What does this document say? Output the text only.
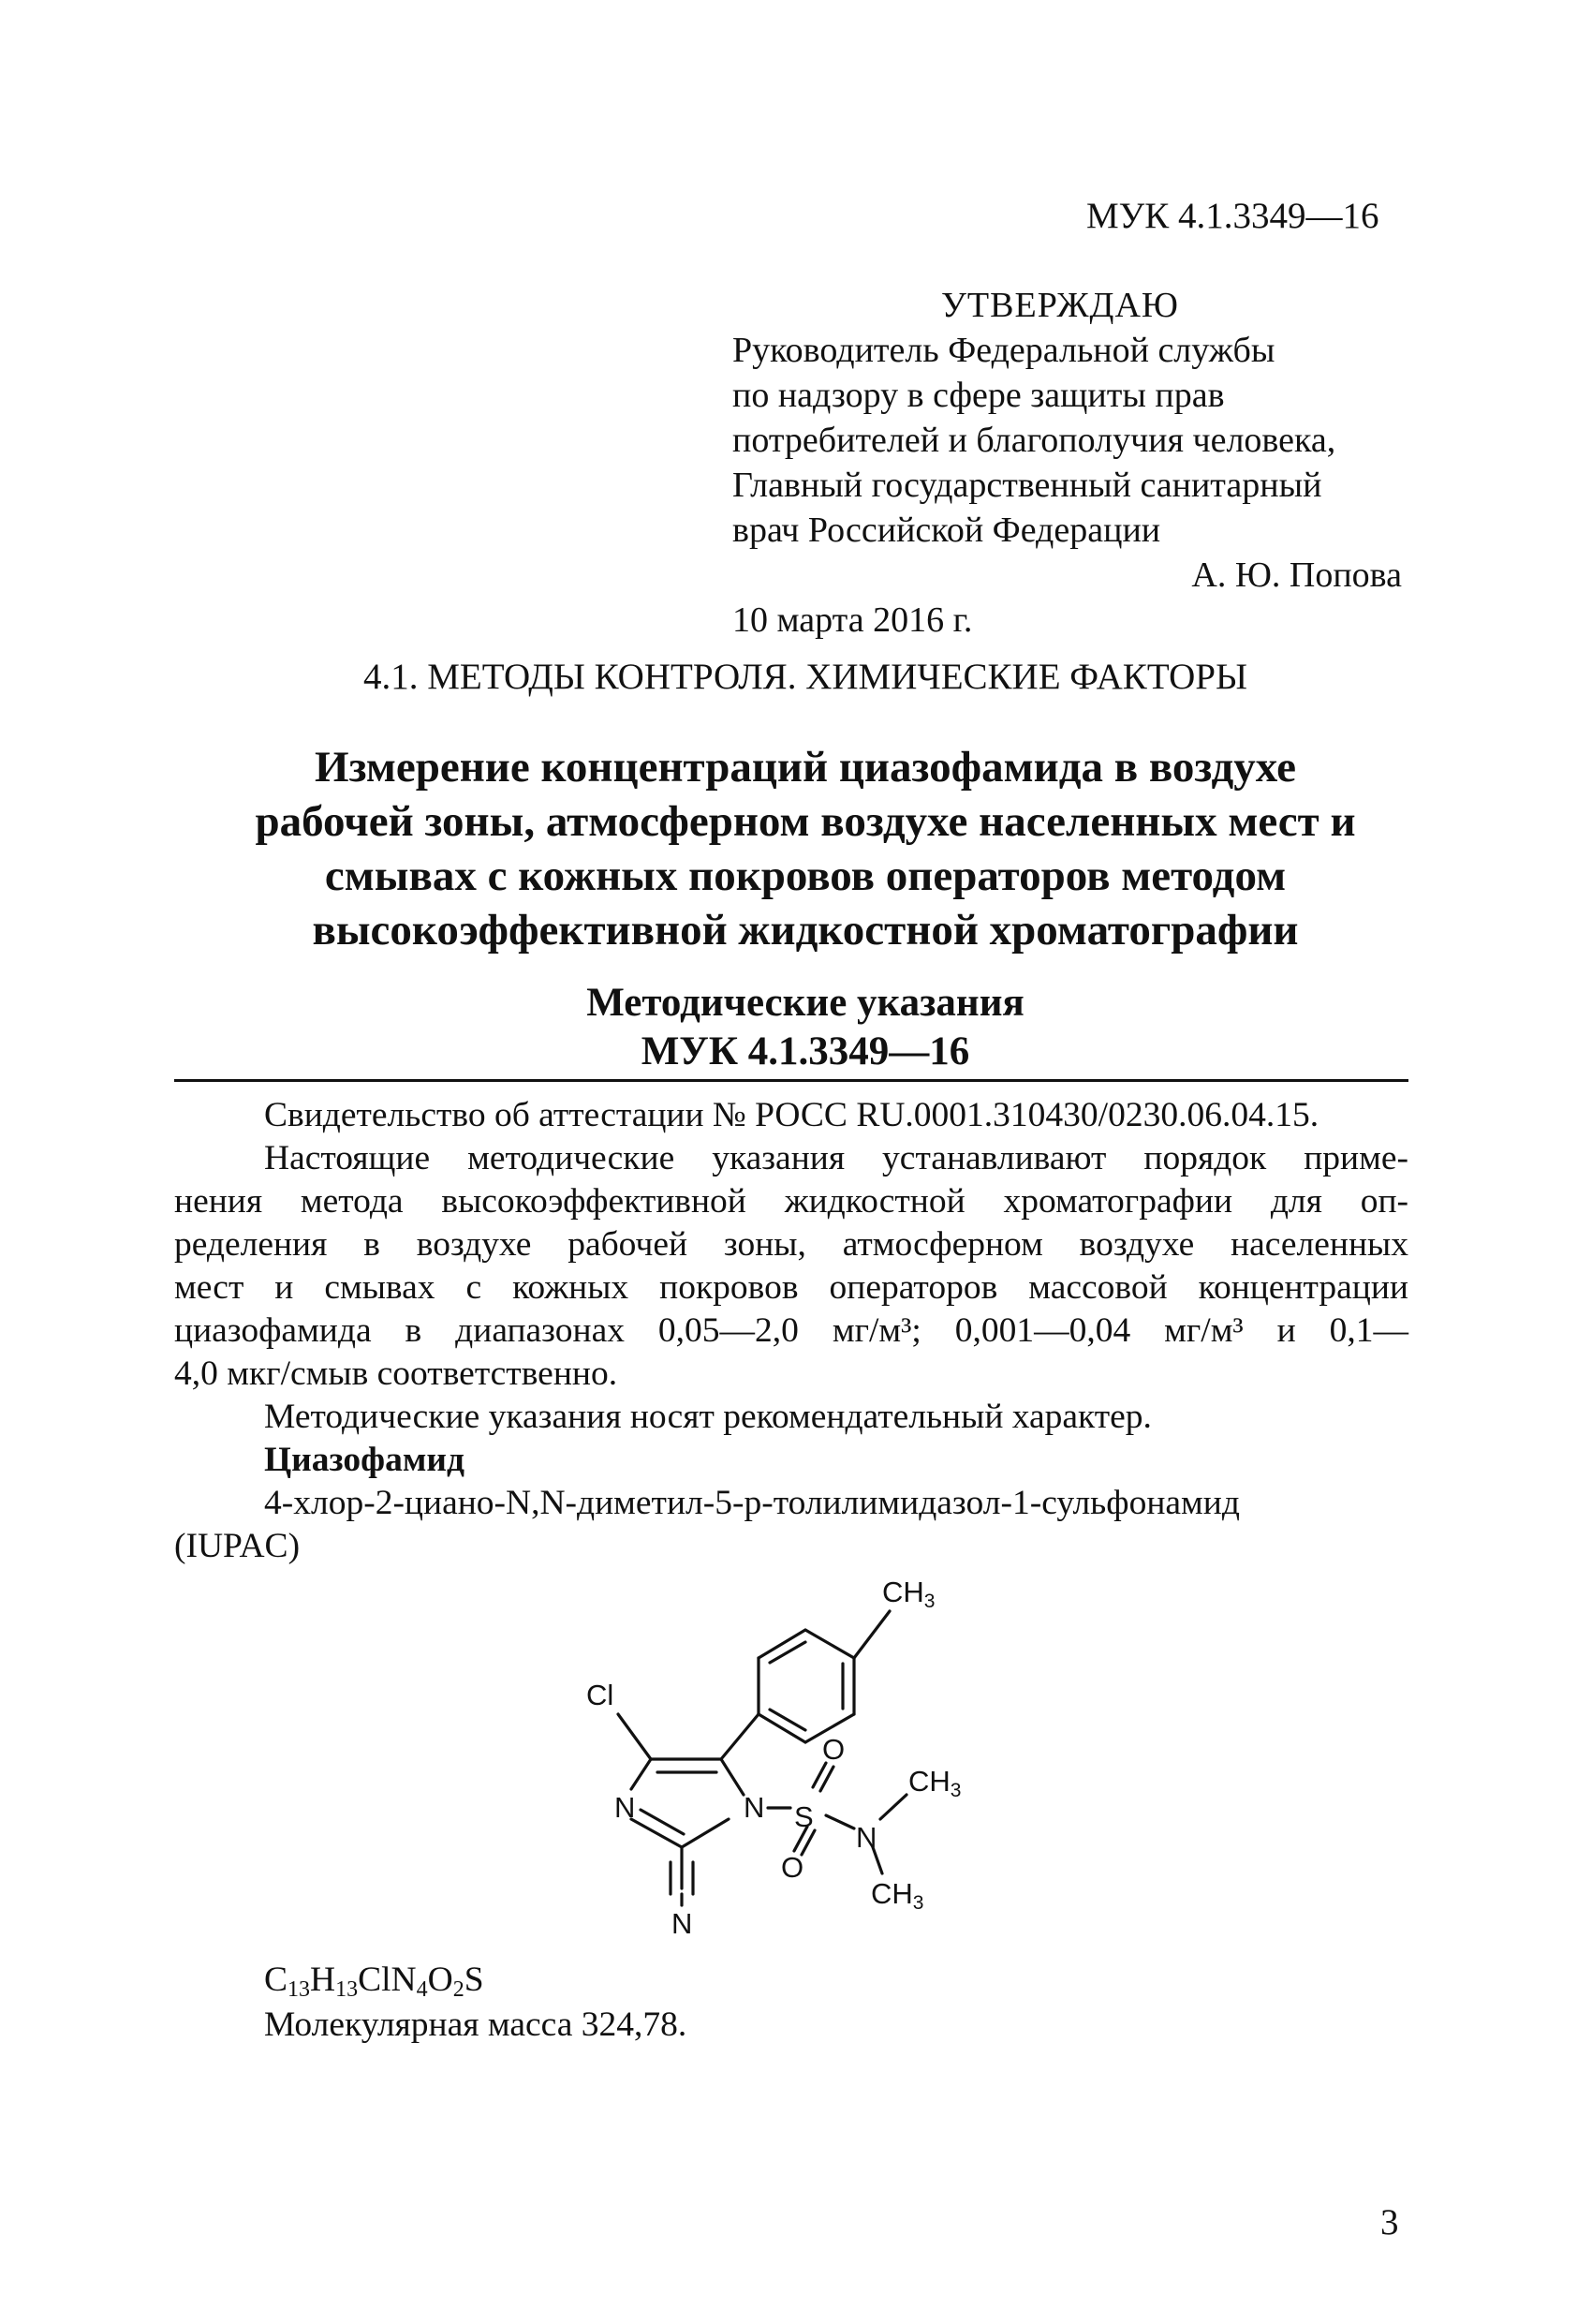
МУК 4.1.3349—16
УТВЕРЖДАЮ
Руководитель Федеральной службы
по надзору в сфере защиты прав
потребителей и благополучия человека,
Главный государственный санитарный
врач Российской Федерации
А. Ю. Попова
10 марта 2016 г.
4.1. МЕТОДЫ КОНТРОЛЯ. ХИМИЧЕСКИЕ ФАКТОРЫ
Измерение концентраций циазофамида в воздухе
рабочей зоны, атмосферном воздухе населенных мест и
смывах с кожных покровов операторов методом
высокоэффективной жидкостной хроматографии
Методические указания
МУК 4.1.3349—16
Свидетельство об аттестации № РОСС RU.0001.310430/0230.06.04.15.
Настоящие методические указания устанавливают порядок приме-
нения метода высокоэффективной жидкостной хроматографии для оп-
ределения в воздухе рабочей зоны, атмосферном воздухе населенных
мест и смывах с кожных покровов операторов массовой концентрации
циазофамида в диапазонах 0,05—2,0 мг/м³; 0,001—0,04 мг/м³ и 0,1—
4,0 мкг/смыв соответственно.
Методические указания носят рекомендательный характер.
Циазофамид
4-хлор-2-циано-N,N-диметил-5-р-толилимидазол-1-сульфонамид
(IUPAC)
CH3
Cl
N	N S
O
O
N
CH3
CH3
N
$C_{13}H_{13}ClN_4O_2S$
Молекулярная масса 324,78.
3
